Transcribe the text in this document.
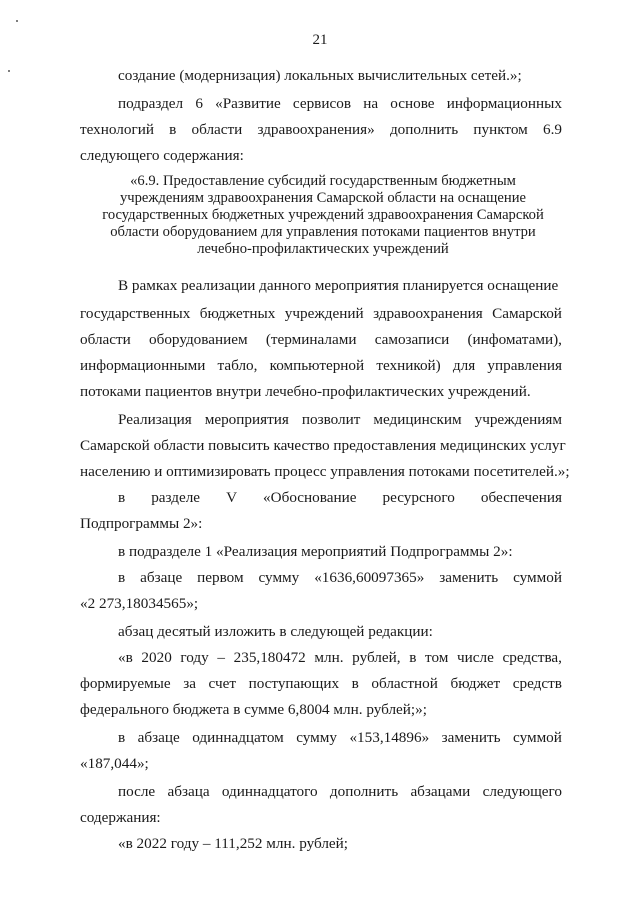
21
создание (модернизация) локальных вычислительных сетей.»;
подраздел 6 «Развитие сервисов на основе информационных
технологий в области здравоохранения» дополнить пунктом 6.9
следующего содержания:
«6.9. Предоставление субсидий государственным бюджетным
учреждениям здравоохранения Самарской области на оснащение
государственных бюджетных учреждений здравоохранения Самарской
области оборудованием для управления потоками пациентов внутри
лечебно-профилактических учреждений
В рамках реализации данного мероприятия планируется оснащение
государственных бюджетных учреждений здравоохранения Самарской
области оборудованием (терминалами самозаписи (инфоматами),
информационными табло, компьютерной техникой) для управления
потоками пациентов внутри лечебно-профилактических учреждений.
Реализация мероприятия позволит медицинским учреждениям
Самарской области повысить качество предоставления медицинских услуг
населению и оптимизировать процесс управления потоками посетителей.»;
в разделе V «Обоснование ресурсного обеспечения
Подпрограммы 2»:
в подразделе 1 «Реализация мероприятий Подпрограммы 2»:
в абзаце первом сумму «1636,60097365» заменить суммой
«2 273,18034565»;
абзац десятый изложить в следующей редакции:
«в 2020 году – 235,180472 млн. рублей, в том числе средства,
формируемые за счет поступающих в областной бюджет средств
федерального бюджета в сумме 6,8004 млн. рублей;»;
в абзаце одиннадцатом сумму «153,14896» заменить суммой
«187,044»;
после абзаца одиннадцатого дополнить абзацами следующего
содержания:
«в 2022 году – 111,252 млн. рублей;
